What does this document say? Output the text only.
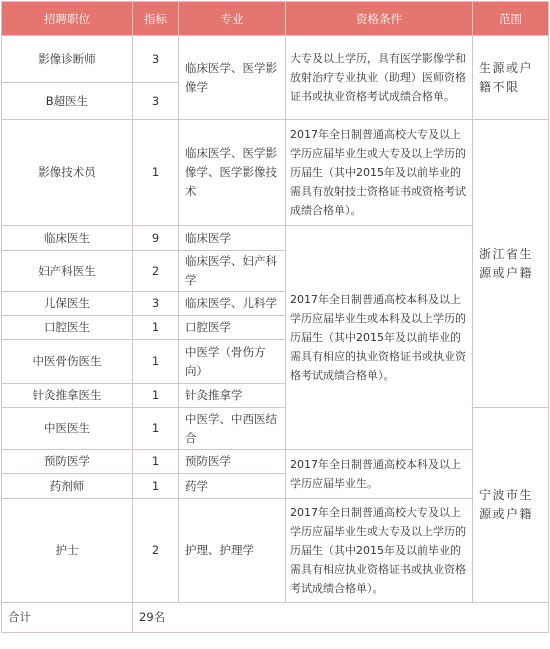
招聘职位	指标	专业	资格条件	范围
影像诊断师	3	临床医学、医学影像学	大专及以上学历，具有医学影像学和放射治疗专业执业（助理）医师资格证书或执业资格考试成绩合格单。	生源或户籍不限
B超医生	3			
影像技术员	1	临床医学、医学影像学、医学影像技术	2017年全日制普通高校大专及以上学历应届毕业生或大专及以上学历的历届生（其中2015年及以前毕业的需具有放射技士资格证书或资格考试成绩合格单）。	浙江省生源或户籍
临床医生	9	临床医学	2017年全日制普通高校本科及以上学历应届毕业生或本科及以上学历的历届生（其中2015年及以前毕业的需具有相应的执业资格证书或执业资格考试成绩合格单）。	
妇产科医生	2	临床医学、妇产科学		
儿保医生	3	临床医学、儿科学		
口腔医生	1	口腔医学		
中医骨伤医生	1	中医学（骨伤方向）		
针灸推拿医生	1	针灸推拿学		
中医医生	1	中医学、中西医结合		宁波市生源或户籍
预防医学	1	预防医学	2017年全日制普通高校本科及以上学历应届毕业生。	
药剂师	1	药学		
护士	2	护理、护理学	2017年全日制普通高校大专及以上学历应届毕业生或大专及以上学历的历届生（其中2015年及以前毕业的需具有相应执业资格证书或执业资格考试成绩合格单）。	
合计	29名			
